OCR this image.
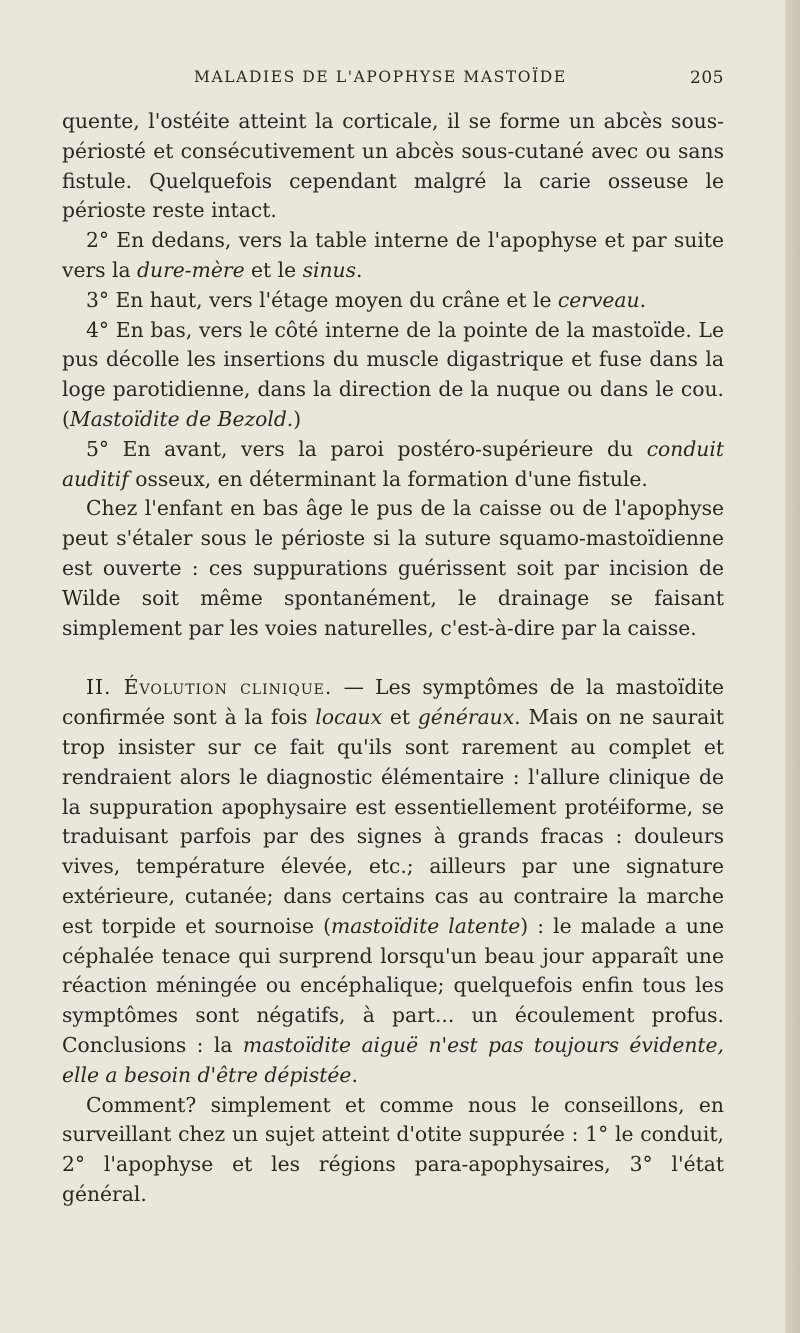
MALADIES DE L'APOPHYSE MASTOÏDE	205

quente, l'ostéite atteint la corticale, il se forme un abcès sous-périosté et consécutivement un abcès sous-cutané avec ou sans fistule. Quelquefois cependant malgré la carie osseuse le périoste reste intact.

2° En dedans, vers la table interne de l'apophyse et par suite vers la dure-mère et le sinus.

3° En haut, vers l'étage moyen du crâne et le cerveau.

4° En bas, vers le côté interne de la pointe de la mastoïde. Le pus décolle les insertions du muscle digastrique et fuse dans la loge parotidienne, dans la direction de la nuque ou dans le cou. (Mastoïdite de Bezold.)

5° En avant, vers la paroi postéro-supérieure du conduit auditif osseux, en déterminant la formation d'une fistule.

Chez l'enfant en bas âge le pus de la caisse ou de l'apophyse peut s'étaler sous le périoste si la suture squamo-mastoïdienne est ouverte : ces suppurations guérissent soit par incision de Wilde soit même spontanément, le drainage se faisant simplement par les voies naturelles, c'est-à-dire par la caisse.

II. Évolution clinique. — Les symptômes de la mastoïdite confirmée sont à la fois locaux et généraux. Mais on ne saurait trop insister sur ce fait qu'ils sont rarement au complet et rendraient alors le diagnostic élémentaire : l'allure clinique de la suppuration apophysaire est essentiellement protéiforme, se traduisant parfois par des signes à grands fracas : douleurs vives, température élevée, etc.; ailleurs par une signature extérieure, cutanée; dans certains cas au contraire la marche est torpide et sournoise (mastoïdite latente) : le malade a une céphalée tenace qui surprend lorsqu'un beau jour apparaît une réaction méningée ou encéphalique; quelquefois enfin tous les symptômes sont négatifs, à part... un écoulement profus. Conclusions : la mastoïdite aiguë n'est pas toujours évidente, elle a besoin d'être dépistée.

Comment? simplement et comme nous le conseillons, en surveillant chez un sujet atteint d'otite suppurée : 1° le conduit, 2° l'apophyse et les régions para-apophysaires, 3° l'état général.
